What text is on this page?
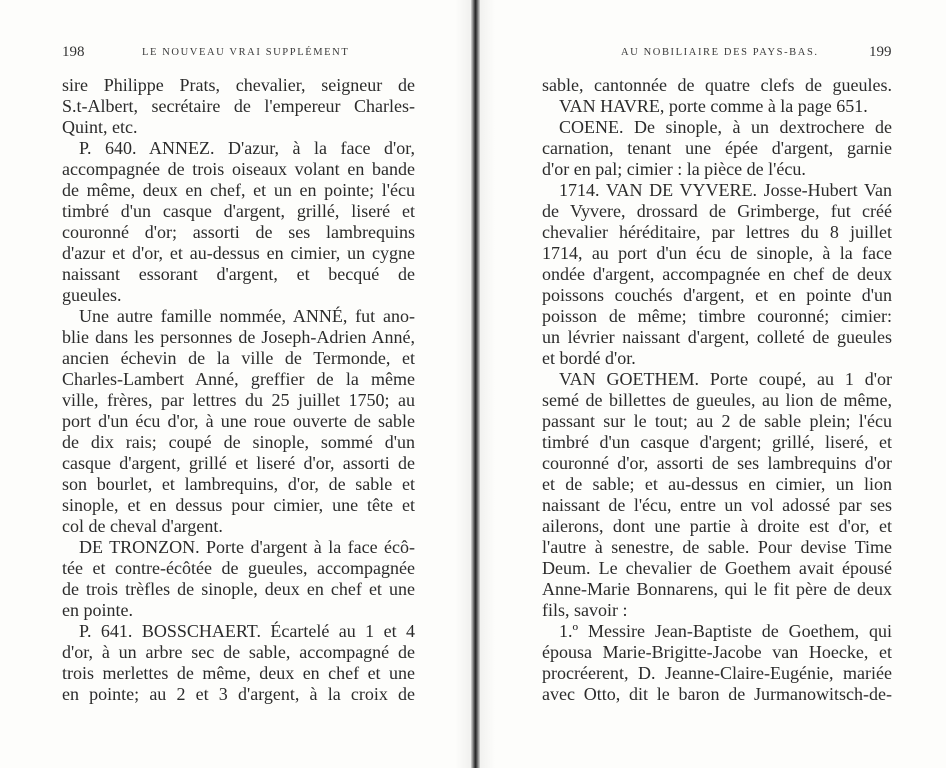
198	LE NOUVEAU VRAI SUPPLÉMENT
sire Philippe Prats, chevalier, seigneur de
S.t-Albert, secrétaire de l'empereur Charles-
Quint, etc.
P. 640. ANNEZ. D'azur, à la face d'or,
accompagnée de trois oiseaux volant en bande
de même, deux en chef, et un en pointe; l'écu
timbré d'un casque d'argent, grillé, liseré et
couronné d'or; assorti de ses lambrequins
d'azur et d'or, et au-dessus en cimier, un cygne
naissant essorant d'argent, et becqué de
gueules.
Une autre famille nommée, ANNÉ, fut ano-
blie dans les personnes de Joseph-Adrien Anné,
ancien échevin de la ville de Termonde, et
Charles-Lambert Anné, greffier de la même
ville, frères, par lettres du 25 juillet 1750; au
port d'un écu d'or, à une roue ouverte de sable
de dix rais; coupé de sinople, sommé d'un
casque d'argent, grillé et liseré d'or, assorti de
son bourlet, et lambrequins, d'or, de sable et
sinople, et en dessus pour cimier, une tête et
col de cheval d'argent.
DE TRONZON. Porte d'argent à la face écô-
tée et contre-écôtée de gueules, accompagnée
de trois trèfles de sinople, deux en chef et une
en pointe.
P. 641. BOSSCHAERT. Écartelé au 1 et 4
d'or, à un arbre sec de sable, accompagné de
trois merlettes de même, deux en chef et une
en pointe; au 2 et 3 d'argent, à la croix de
AU NOBILIAIRE DES PAYS-BAS.	199
sable, cantonnée de quatre clefs de gueules.
VAN HAVRE, porte comme à la page 651.
COENE. De sinople, à un dextrochere de
carnation, tenant une épée d'argent, garnie
d'or en pal; cimier : la pièce de l'écu.
1714. VAN DE VYVERE. Josse-Hubert Van
de Vyvere, drossard de Grimberge, fut créé
chevalier héréditaire, par lettres du 8 juillet
1714, au port d'un écu de sinople, à la face
ondée d'argent, accompagnée en chef de deux
poissons couchés d'argent, et en pointe d'un
poisson de même; timbre couronné; cimier:
un lévrier naissant d'argent, colleté de gueules
et bordé d'or.
VAN GOETHEM. Porte coupé, au 1 d'or
semé de billettes de gueules, au lion de même,
passant sur le tout; au 2 de sable plein; l'écu
timbré d'un casque d'argent; grillé, liseré, et
couronné d'or, assorti de ses lambrequins d'or
et de sable; et au-dessus en cimier, un lion
naissant de l'écu, entre un vol adossé par ses
ailerons, dont une partie à droite est d'or, et
l'autre à senestre, de sable. Pour devise Time
Deum. Le chevalier de Goethem avait épousé
Anne-Marie Bonnarens, qui le fit père de deux
fils, savoir :
1.º Messire Jean-Baptiste de Goethem, qui
épousa Marie-Brigitte-Jacobe van Hoecke, et
procréerent, D. Jeanne-Claire-Eugénie, mariée
avec Otto, dit le baron de Jurmanowitsch-de-
